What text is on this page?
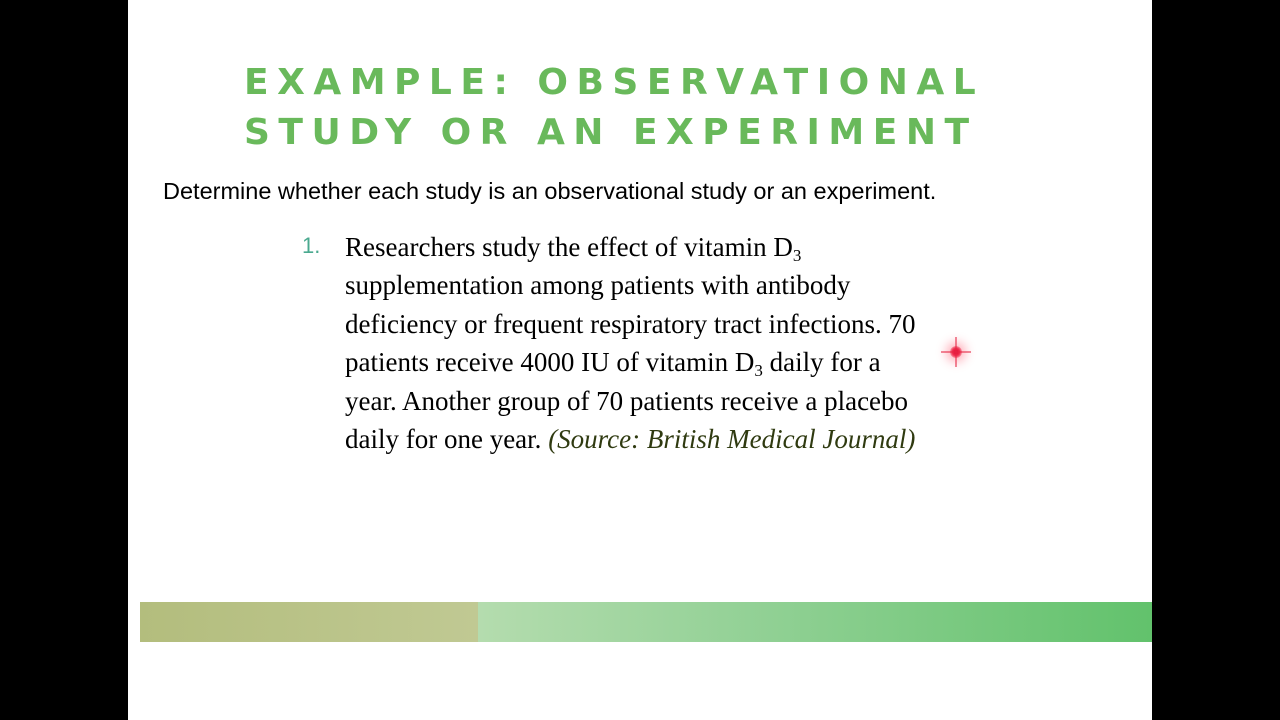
EXAMPLE: OBSERVATIONAL
STUDY OR AN EXPERIMENT

Determine whether each study is an observational study or an experiment.

1. Researchers study the effect of vitamin $D_3$
supplementation among patients with antibody
deficiency or frequent respiratory tract infections. 70
patients receive 4000 IU of vitamin $D_3$ daily for a
year. Another group of 70 patients receive a placebo
daily for one year. (Source: British Medical Journal)
